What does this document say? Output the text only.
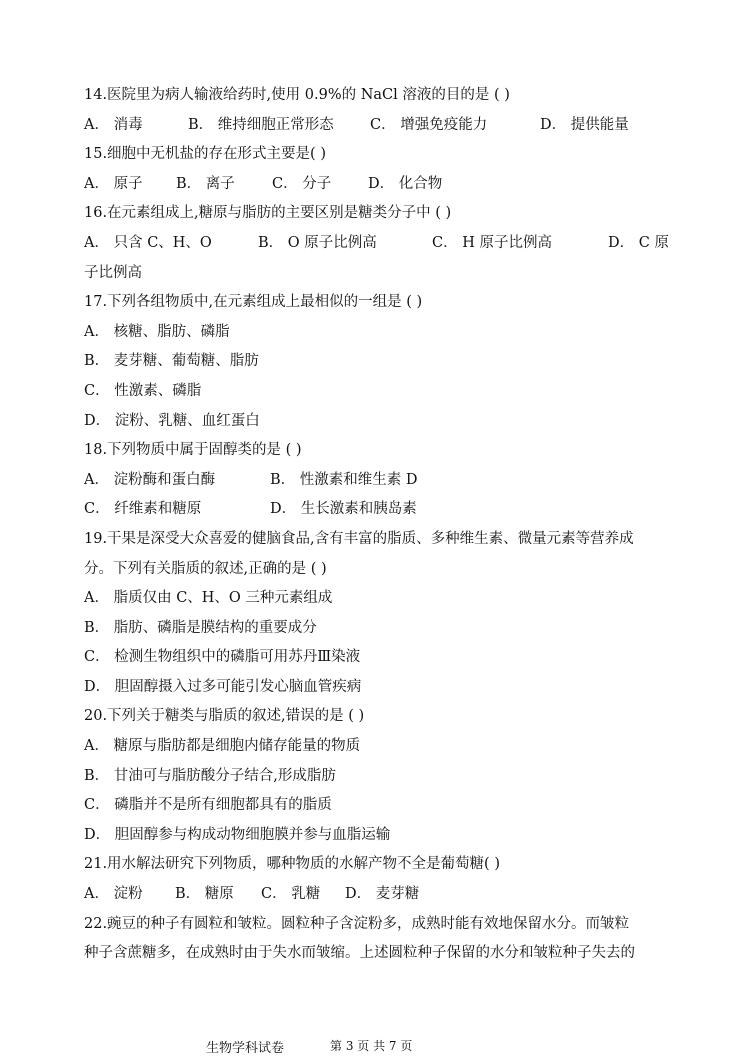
14.医院里为病人输液给药时,使用 0.9%的 NaCl 溶液的目的是 ( )
A． 消毒	B． 维持细胞正常形态	C． 增强免疫能力	D． 提供能量
15.细胞中无机盐的存在形式主要是( )
A． 原子	B． 离子	C． 分子	D． 化合物
16.在元素组成上,糖原与脂肪的主要区别是糖类分子中 ( )
A． 只含 C、H、O	B． O 原子比例高	C． H 原子比例高	D． C 原
子比例高
17.下列各组物质中,在元素组成上最相似的一组是 ( )
A． 核糖、脂肪、磷脂
B． 麦芽糖、葡萄糖、脂肪
C． 性激素、磷脂
D． 淀粉、乳糖、血红蛋白
18.下列物质中属于固醇类的是 ( )
A． 淀粉酶和蛋白酶	B． 性激素和维生素 D
C． 纤维素和糖原	D． 生长激素和胰岛素
19.干果是深受大众喜爱的健脑食品,含有丰富的脂质、多种维生素、微量元素等营养成
分。下列有关脂质的叙述,正确的是 ( )
A． 脂质仅由 C、H、O 三种元素组成
B． 脂肪、磷脂是膜结构的重要成分
C． 检测生物组织中的磷脂可用苏丹Ⅲ染液
D． 胆固醇摄入过多可能引发心脑血管疾病
20.下列关于糖类与脂质的叙述,错误的是 ( )
A． 糖原与脂肪都是细胞内储存能量的物质
B． 甘油可与脂肪酸分子结合,形成脂肪
C． 磷脂并不是所有细胞都具有的脂质
D． 胆固醇参与构成动物细胞膜并参与血脂运输
21.用水解法研究下列物质，哪种物质的水解产物不全是葡萄糖( )
A． 淀粉	B． 糖原	C． 乳糖	D． 麦芽糖
22.豌豆的种子有圆粒和皱粒。圆粒种子含淀粉多，成熟时能有效地保留水分。而皱粒
种子含蔗糖多，在成熟时由于失水而皱缩。上述圆粒种子保留的水分和皱粒种子失去的
生物学科试卷	第 3 页 共 7 页
